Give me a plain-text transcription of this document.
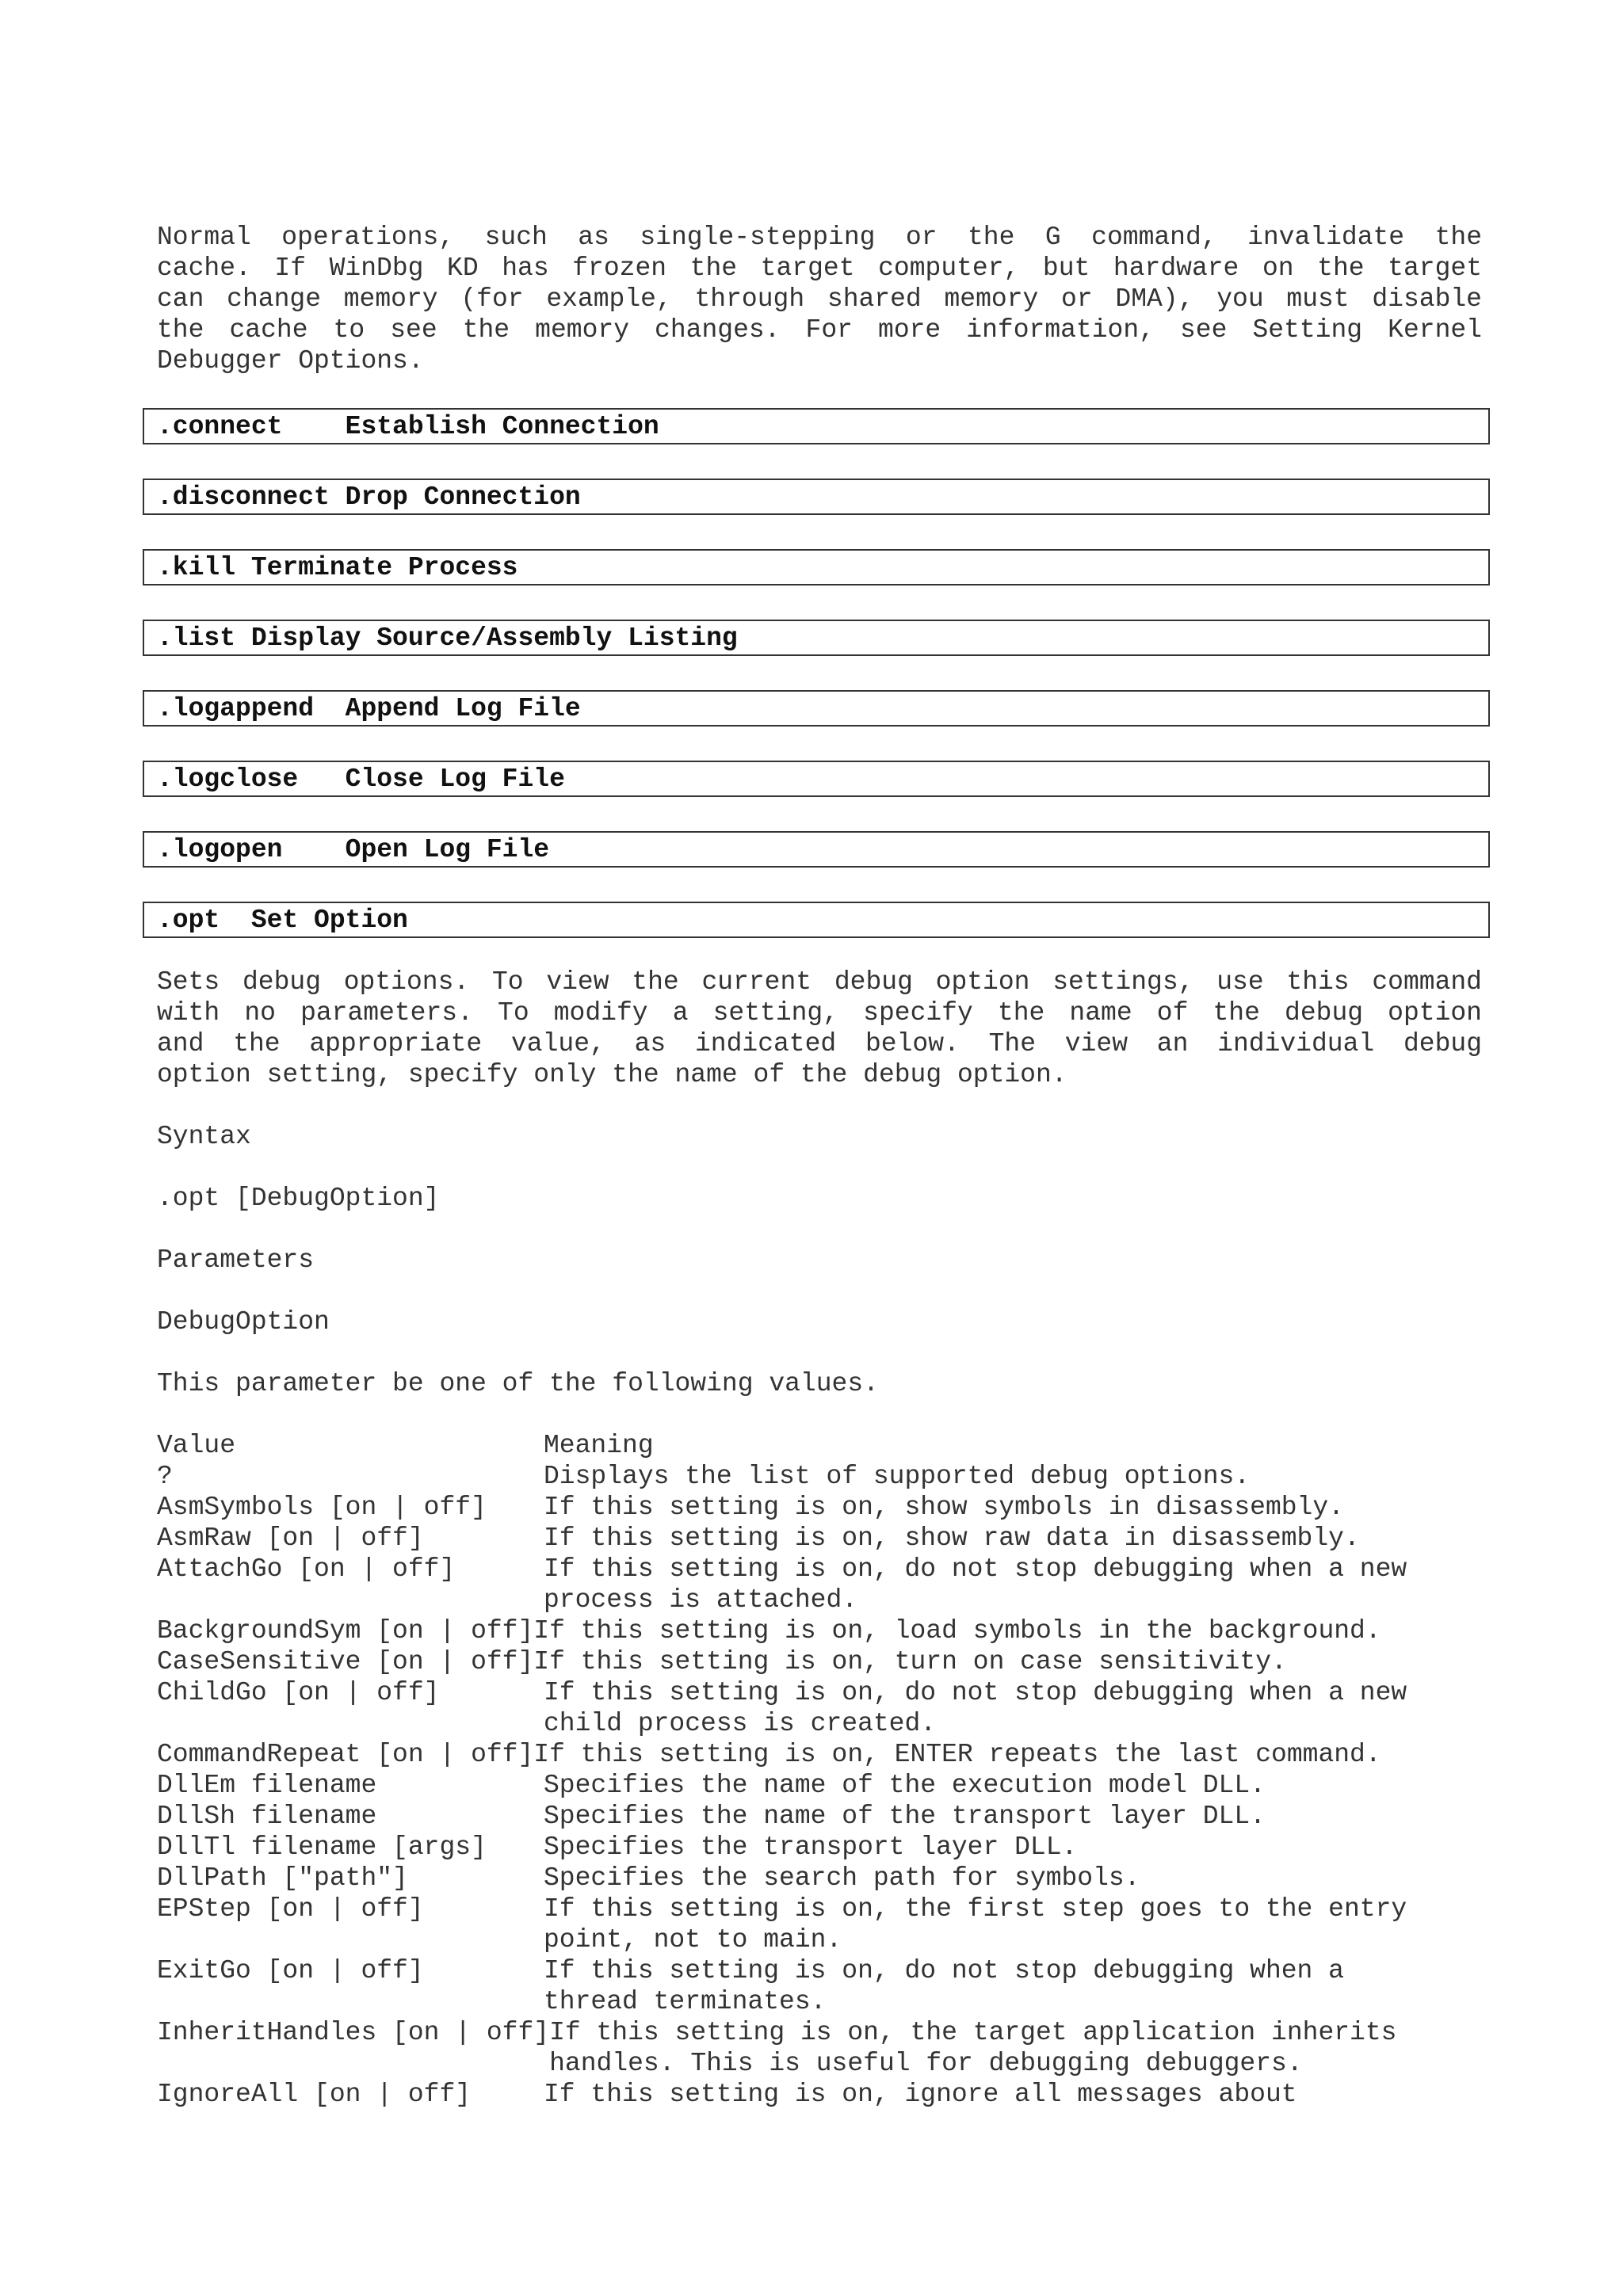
Normal operations, such as single-stepping or the G command, invalidate the
cache. If WinDbg KD has frozen the target computer, but hardware on the target
can change memory (for example, through shared memory or DMA), you must disable
the cache to see the memory changes. For more information, see Setting Kernel
Debugger Options.
.connect    Establish Connection
.disconnect Drop Connection
.kill Terminate Process
.list Display Source/Assembly Listing
.logappend  Append Log File
.logclose   Close Log File
.logopen    Open Log File
.opt  Set Option
Sets debug options. To view the current debug option settings, use this command
with no parameters. To modify a setting, specify the name of the debug option
and the appropriate value, as indicated below. The view an individual debug
option setting, specify only the name of the debug option.
Syntax
.opt [DebugOption]
Parameters
DebugOption
This parameter be one of the following values.
Value	Meaning
?	Displays the list of supported debug options.
AsmSymbols [on | off]	If this setting is on, show symbols in disassembly.
AsmRaw [on | off]	If this setting is on, show raw data in disassembly.
AttachGo [on | off]	If this setting is on, do not stop debugging when a new
process is attached.
BackgroundSym [on | off] If this setting is on, load symbols in the background.
CaseSensitive [on | off] If this setting is on, turn on case sensitivity.
ChildGo [on | off]	If this setting is on, do not stop debugging when a new
child process is created.
CommandRepeat [on | off] If this setting is on, ENTER repeats the last command.
DllEm filename	Specifies the name of the execution model DLL.
DllSh filename	Specifies the name of the transport layer DLL.
DllTl filename [args]	Specifies the transport layer DLL.
DllPath ["path"]	Specifies the search path for symbols.
EPStep [on | off]	If this setting is on, the first step goes to the entry
point, not to main.
ExitGo [on | off]	If this setting is on, do not stop debugging when a
thread terminates.
InheritHandles [on | off] If this setting is on, the target application inherits
handles. This is useful for debugging debuggers.
IgnoreAll [on | off]	If this setting is on, ignore all messages about
